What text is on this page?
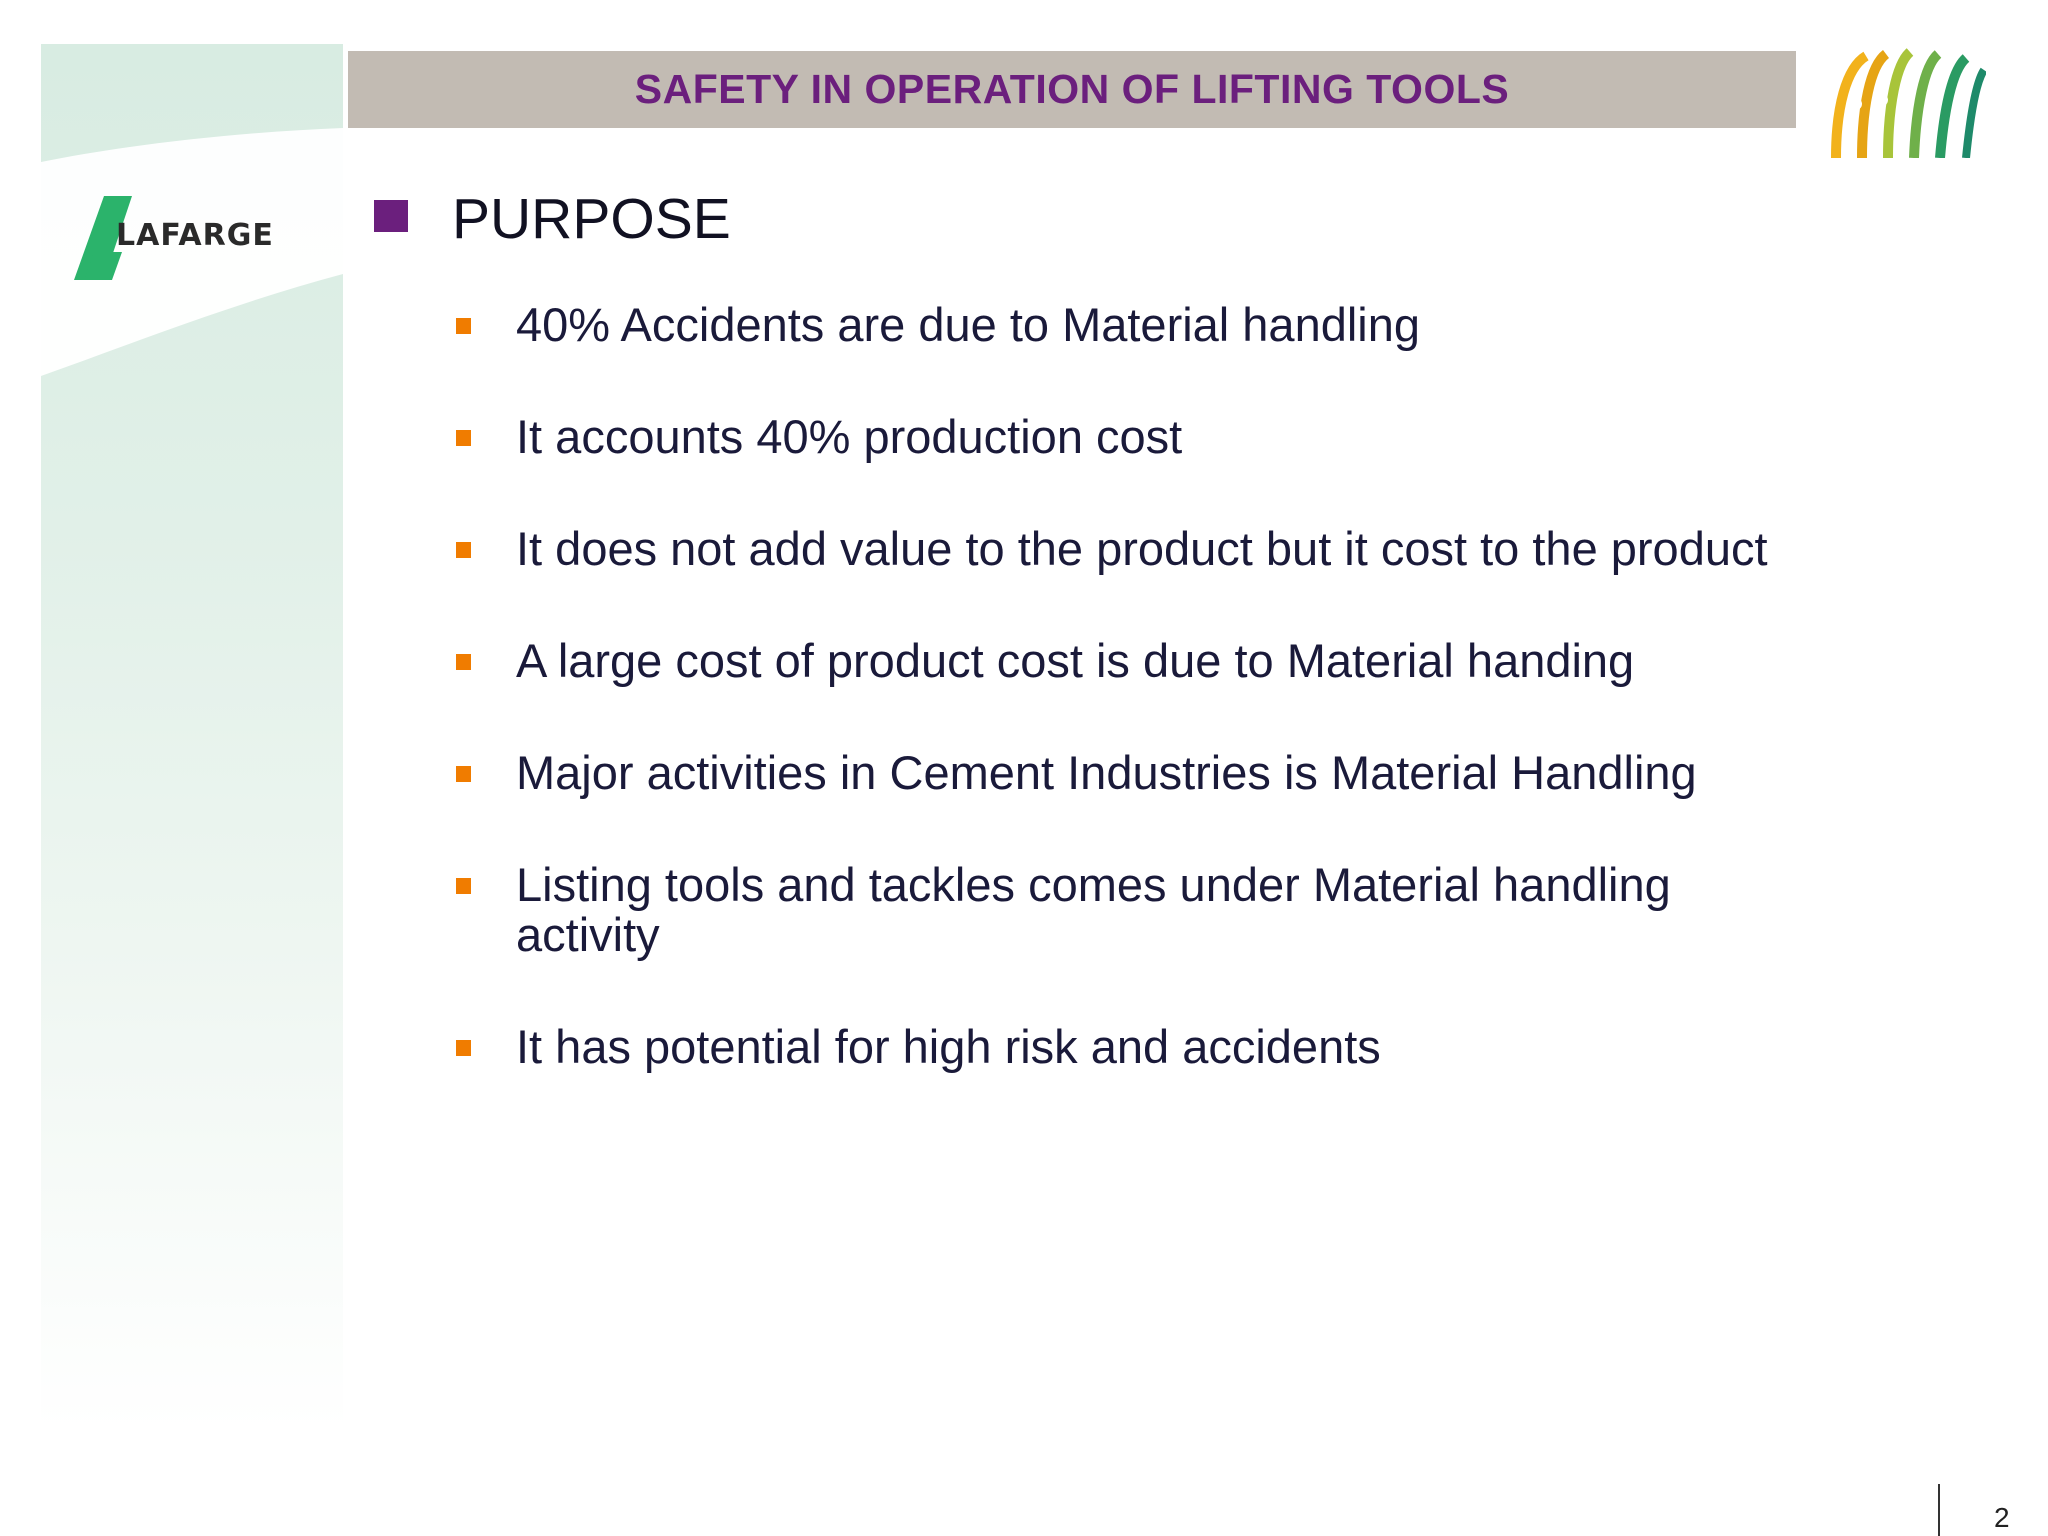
LAFARGE
SAFETY IN OPERATION OF LIFTING TOOLS
PURPOSE
40% Accidents are due to Material handling
It accounts 40% production cost
It does not add value to the product but it cost to the product
A large cost of product cost is due to Material handing
Major activities in Cement Industries is Material Handling
Listing tools and tackles comes under Material handling activity
It has potential for high risk and accidents
2
